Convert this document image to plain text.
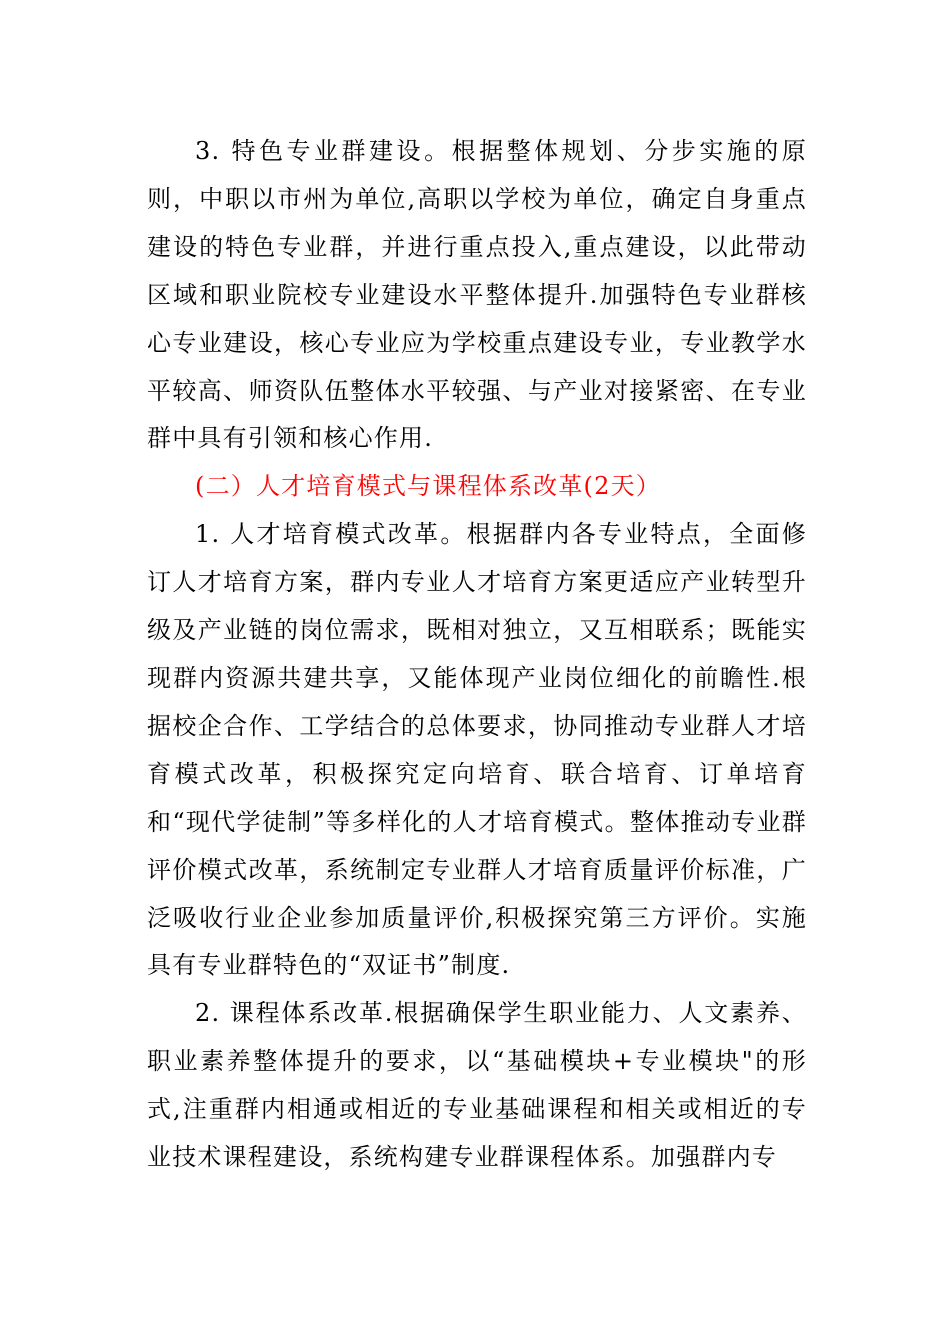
3. 特色专业群建设。根据整体规划、分步实施的原则，中职以市州为单位,高职以学校为单位，确定自身重点建设的特色专业群，并进行重点投入,重点建设，以此带动区域和职业院校专业建设水平整体提升.加强特色专业群核心专业建设，核心专业应为学校重点建设专业，专业教学水平较高、师资队伍整体水平较强、与产业对接紧密、在专业群中具有引领和核心作用.

(二）人才培育模式与课程体系改革(2天）

1. 人才培育模式改革。根据群内各专业特点，全面修订人才培育方案，群内专业人才培育方案更适应产业转型升级及产业链的岗位需求，既相对独立，又互相联系；既能实现群内资源共建共享，又能体现产业岗位细化的前瞻性.根据校企合作、工学结合的总体要求，协同推动专业群人才培育模式改革，积极探究定向培育、联合培育、订单培育和“现代学徒制”等多样化的人才培育模式。整体推动专业群评价模式改革，系统制定专业群人才培育质量评价标准，广泛吸收行业企业参加质量评价,积极探究第三方评价。实施具有专业群特色的“双证书”制度.

2. 课程体系改革.根据确保学生职业能力、人文素养、职业素养整体提升的要求，以“基础模块+专业模块"的形式,注重群内相通或相近的专业基础课程和相关或相近的专业技术课程建设，系统构建专业群课程体系。加强群内专
